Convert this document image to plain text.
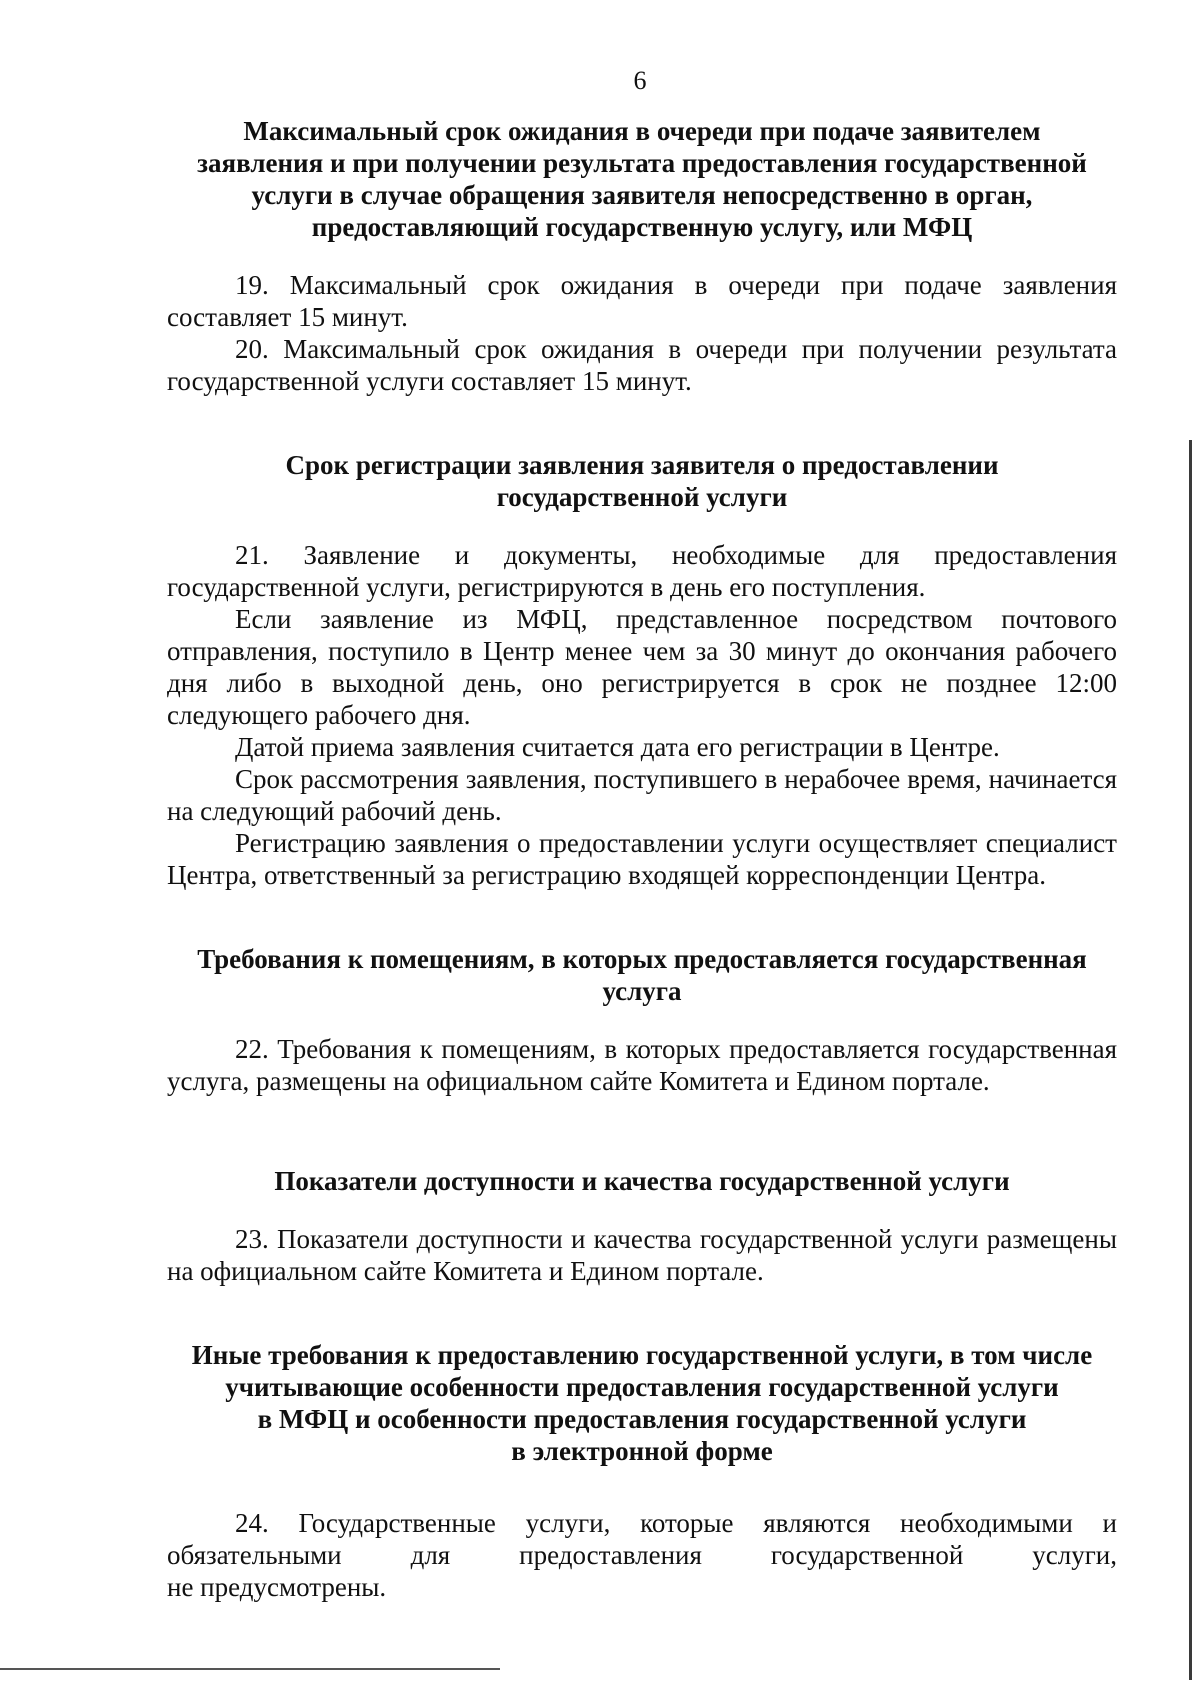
6
Максимальный срок ожидания в очереди при подаче заявителем
заявления и при получении результата предоставления государственной
услуги в случае обращения заявителя непосредственно в орган,
предоставляющий государственную услугу, или МФЦ

19. Максимальный срок ожидания в очереди при подаче заявления составляет 15 минут.

20. Максимальный срок ожидания в очереди при получении результата государственной услуги составляет 15 минут.

Срок регистрации заявления заявителя о предоставлении
государственной услуги

21. Заявление и документы, необходимые для предоставления государственной услуги, регистрируются в день его поступления.

Если заявление из МФЦ, представленное посредством почтового отправления, поступило в Центр менее чем за 30 минут до окончания рабочего дня либо в выходной день, оно регистрируется в срок не позднее 12:00 следующего рабочего дня.

Датой приема заявления считается дата его регистрации в Центре.

Срок рассмотрения заявления, поступившего в нерабочее время, начинается на следующий рабочий день.

Регистрацию заявления о предоставлении услуги осуществляет специалист Центра, ответственный за регистрацию входящей корреспонденции Центра.

Требования к помещениям, в которых предоставляется государственная
услуга

22. Требования к помещениям, в которых предоставляется государственная услуга, размещены на официальном сайте Комитета и Едином портале.

Показатели доступности и качества государственной услуги

23. Показатели доступности и качества государственной услуги размещены на официальном сайте Комитета и Едином портале.

Иные требования к предоставлению государственной услуги, в том числе
учитывающие особенности предоставления государственной услуги
в МФЦ и особенности предоставления государственной услуги
в электронной форме

24. Государственные услуги, которые являются необходимыми и обязательными для предоставления государственной услуги,

не предусмотрены.
